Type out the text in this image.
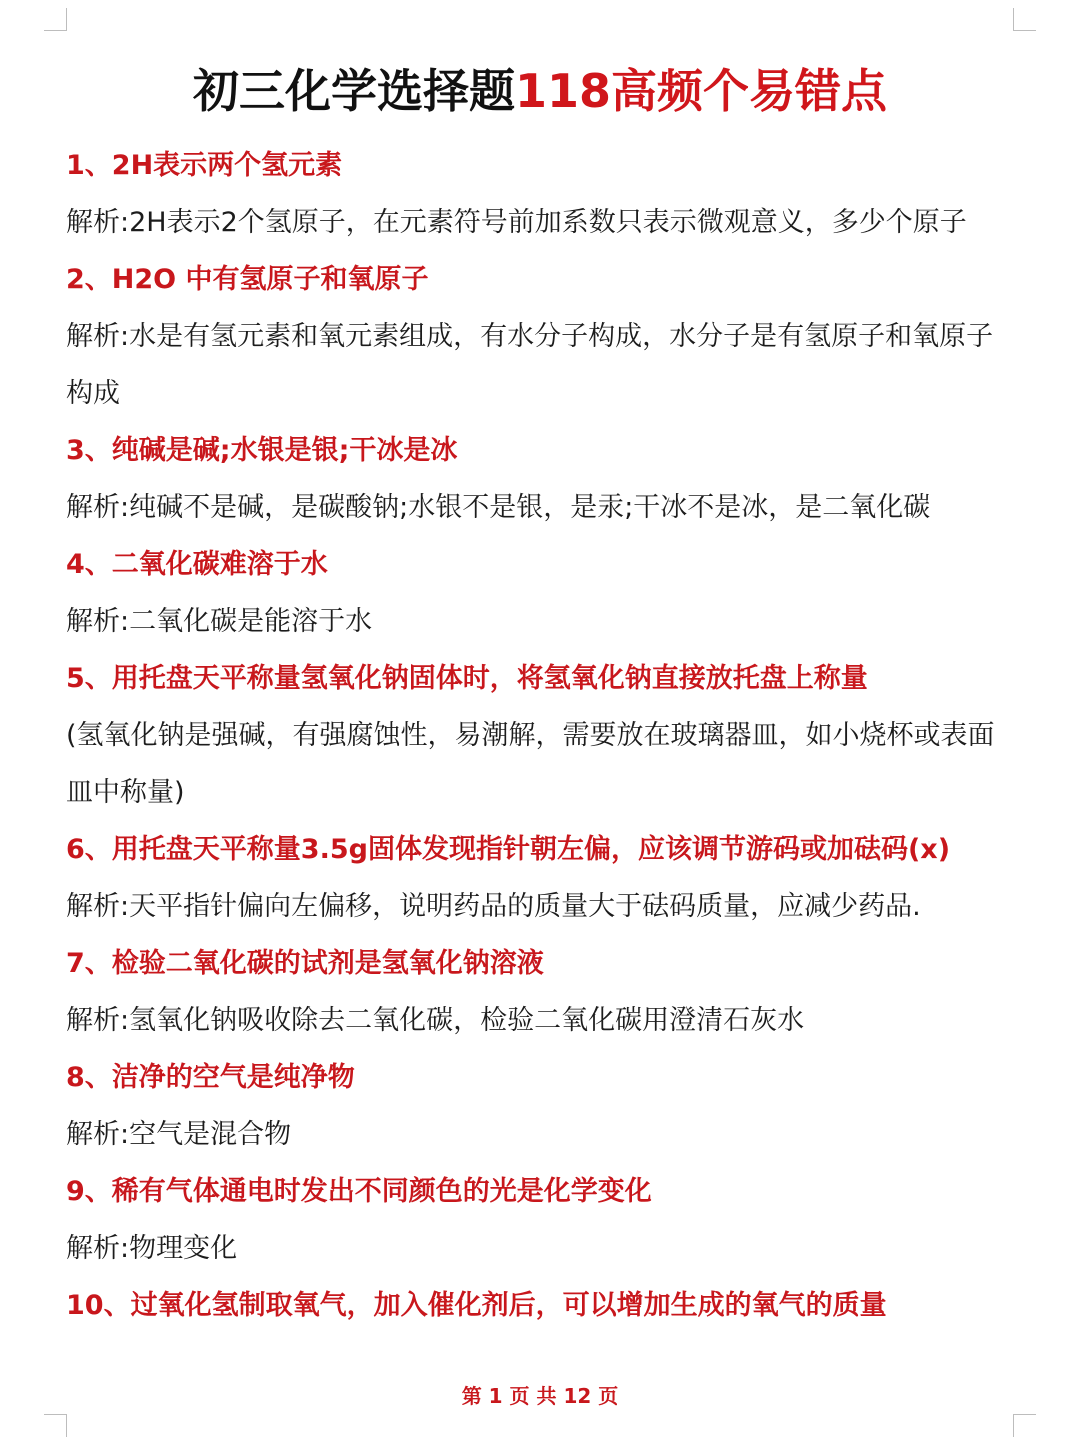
初三化学选择题118高频个易错点
1、2H表示两个氢元素
解析:2H表示2个氢原子，在元素符号前加系数只表示微观意义，多少个原子
2、H2O 中有氢原子和氧原子
解析:水是有氢元素和氧元素组成，有水分子构成，水分子是有氢原子和氧原子构成
3、纯碱是碱;水银是银;干冰是冰
解析:纯碱不是碱，是碳酸钠;水银不是银，是汞;干冰不是冰，是二氧化碳
4、二氧化碳难溶于水
解析:二氧化碳是能溶于水
5、用托盘天平称量氢氧化钠固体时，将氢氧化钠直接放托盘上称量
(氢氧化钠是强碱，有强腐蚀性，易潮解，需要放在玻璃器皿，如小烧杯或表面皿中称量)
6、用托盘天平称量3.5g固体发现指针朝左偏，应该调节游码或加砝码(x)
解析:天平指针偏向左偏移，说明药品的质量大于砝码质量，应减少药品.
7、检验二氧化碳的试剂是氢氧化钠溶液
解析:氢氧化钠吸收除去二氧化碳，检验二氧化碳用澄清石灰水
8、洁净的空气是纯净物
解析:空气是混合物
9、稀有气体通电时发出不同颜色的光是化学变化
解析:物理变化
10、过氧化氢制取氧气，加入催化剂后，可以增加生成的氧气的质量
第 1 页 共 12 页
